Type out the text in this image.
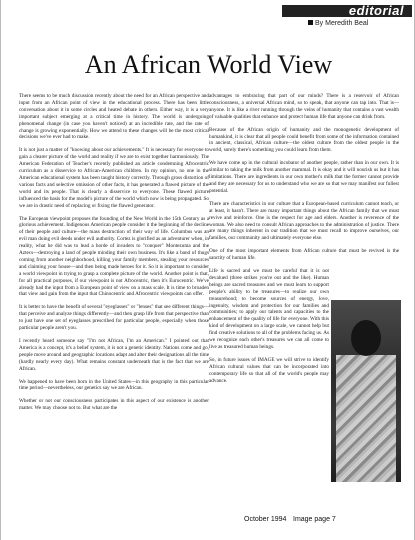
editorial
By Meredith Beal
An African World View

There seems to be much discussion recently about the need for an African perspective and input from an African point of view in the educational process. There has been little conversation about it in some circles and heated debate in others. Either way, it is a very important subject emerging at a critical time in history. The world is undergoing phenomenal change (in case you haven't noticed) at an incredible rate, and the rate of change is growing exponentially. How we attend to these changes will be the most critical decisions we've ever had to make.

It is not just a matter of "knowing about our achievements." It is necessary for everyone to gain a clearer picture of the world and reality if we are to exist together harmoniously. The American Federation of Teacher's recently published an article condemning Afrocentric curriculum as a disservice to African-American children. In my opinion, no one in the American educational system has been taught history correctly. Through gross distortion of various facts and selective omission of other facts, it has generated a flawed picture of the world and its people. That is clearly a disservice to everyone. These flawed picture influenced the basis for the model's picture of the world which now is being propagated. So we are in drastic need of replacing or fixing the flawed generator.

The European viewpoint proposes the founding of the New World in the 15th Century as a glorious achievement. Indigenous American people consider it the beginning of the decline of their people and culture—the mass destruction of their way of life. Columbus was an evil man doing evil deeds under evil authority. Cortez is glorified as an adventurer when, in reality, what he did was to lead a horde of invaders to "conquer" Montezuma and the Aztecs—destroying a land of people minding their own business. It's like a band of thugs coming from another neighborhood, killing your family members, stealing your resources and claiming your house—and then being made heroes for it. So it is important to consider a world viewpoint in trying to grasp a complete picture of the world. Another point is that, for all practical purposes, if our viewpoint is not Afrocentric, then it's Eurocentric. We've already had the input from a European point of view on a mass scale. It is time to broaden that view and gain from the input that Chinocentric and Afrocentric viewpoints can offer.

It is better to have the benefit of several "eyeglasses" or "lenses" that see different things—that perceive and analyze things differently—and then grasp life from that perspective than to just have one set of eyeglasses prescribed for particular people, especially when those particular people aren't you.

I recently heard someone say "I'm not African, I'm an American." I pointed out that America is a concept, it's a belief system, it is not a genetic identity. Nations come and go, people move around and geographic locations adapt and alter their designations all the time (hardly nearly every day). What remains constant underneath that is the fact that we are African.

We happened to have been born in the United States—in this geography in this particular time period—nevertheless, our genetics say we are African.

Whether or not our consciousness participates in this aspect of our existence is another matter. We may choose not to. But what are the

advantages to embracing that part of our minds? There is a reservoir of African consciousness, a universal African mind, so to speak, that anyone can tap into. That is—anyone. It is like a river running through the veins of humanity that contains a vast wealth of valuable qualities that enhance and protect human life that anyone can drink from.

Because of the African origin of humanity and the monogenetic development of humankind, it is clear that all people could benefit from some of the information contained in ancient, classical, African culture—the oldest culture from the oldest people in the world, surely there's something you could learn from them.

We have come up in the cultural incubator of another people, rather than in our own. It is similar to taking the milk from another mammal. It is okay and it will nourish us but it has limitations. There are ingredients in our own mother's milk that the former cannot provide and they are necessary for us to understand who we are so that we may manifest our fullest potential.

There are characteristics in our culture that a European-based curriculum cannot teach, or at least, it hasn't. There are many important things about the African family that we must revive and reinforce. One is the respect for age and elders. Another is reverence of the woman. We also need to consult African approaches to the administration of justice. There are many things inherent in our tradition that we must recall to improve ourselves, our families, our community and ultimately everyone else.

One of the most important elements from African culture that must be revived is the sanctity of human life.

Life is sacred and we must be careful that it is not devalued (three strikes you're out and the like). Human beings are sacred treasures and we must learn to support people's ability to be treasures—to realize our own treasurehood; to become sources of energy, love, ingenuity, wisdom and protection for our families and communities; to apply our talents and capacities to the enhancement of the quality of life for everyone. With this kind of development on a large scale, we cannot help but find creative solutions to all of the problems facing us. As we recognize each other's treasures we can all come to live as treasured human beings.

So, in future issues of IMAGE we will strive to identify African cultural values that can be incorporated into contemporary life so that all of the world's people may advance.

October 1994 Image page 7
